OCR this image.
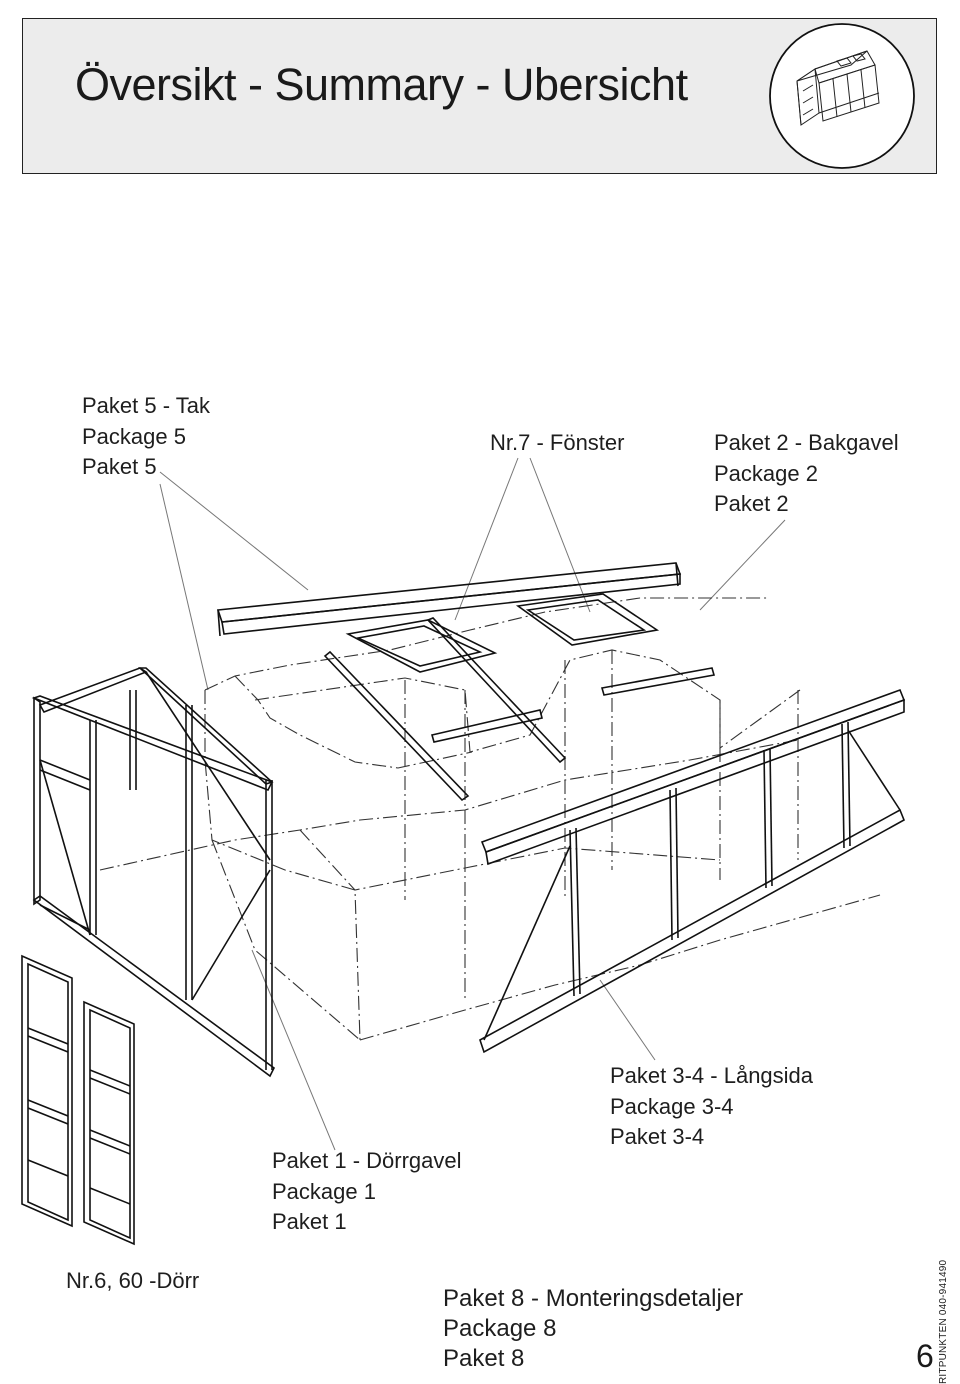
Översikt - Summary - Ubersicht
Paket 5 - Tak
Package 5
Paket 5
Nr.7 - Fönster	Paket 2 - Bakgavel
Package 2
Paket 2
Paket 3-4 - Långsida
Package 3-4
Paket 3-4
Paket 1 - Dörrgavel
Package 1
Paket 1
Nr.6, 60 -Dörr
Paket 8 - Monteringsdetaljer
Package 8
Paket 8	6 RITPUNKTEN 040-941490
